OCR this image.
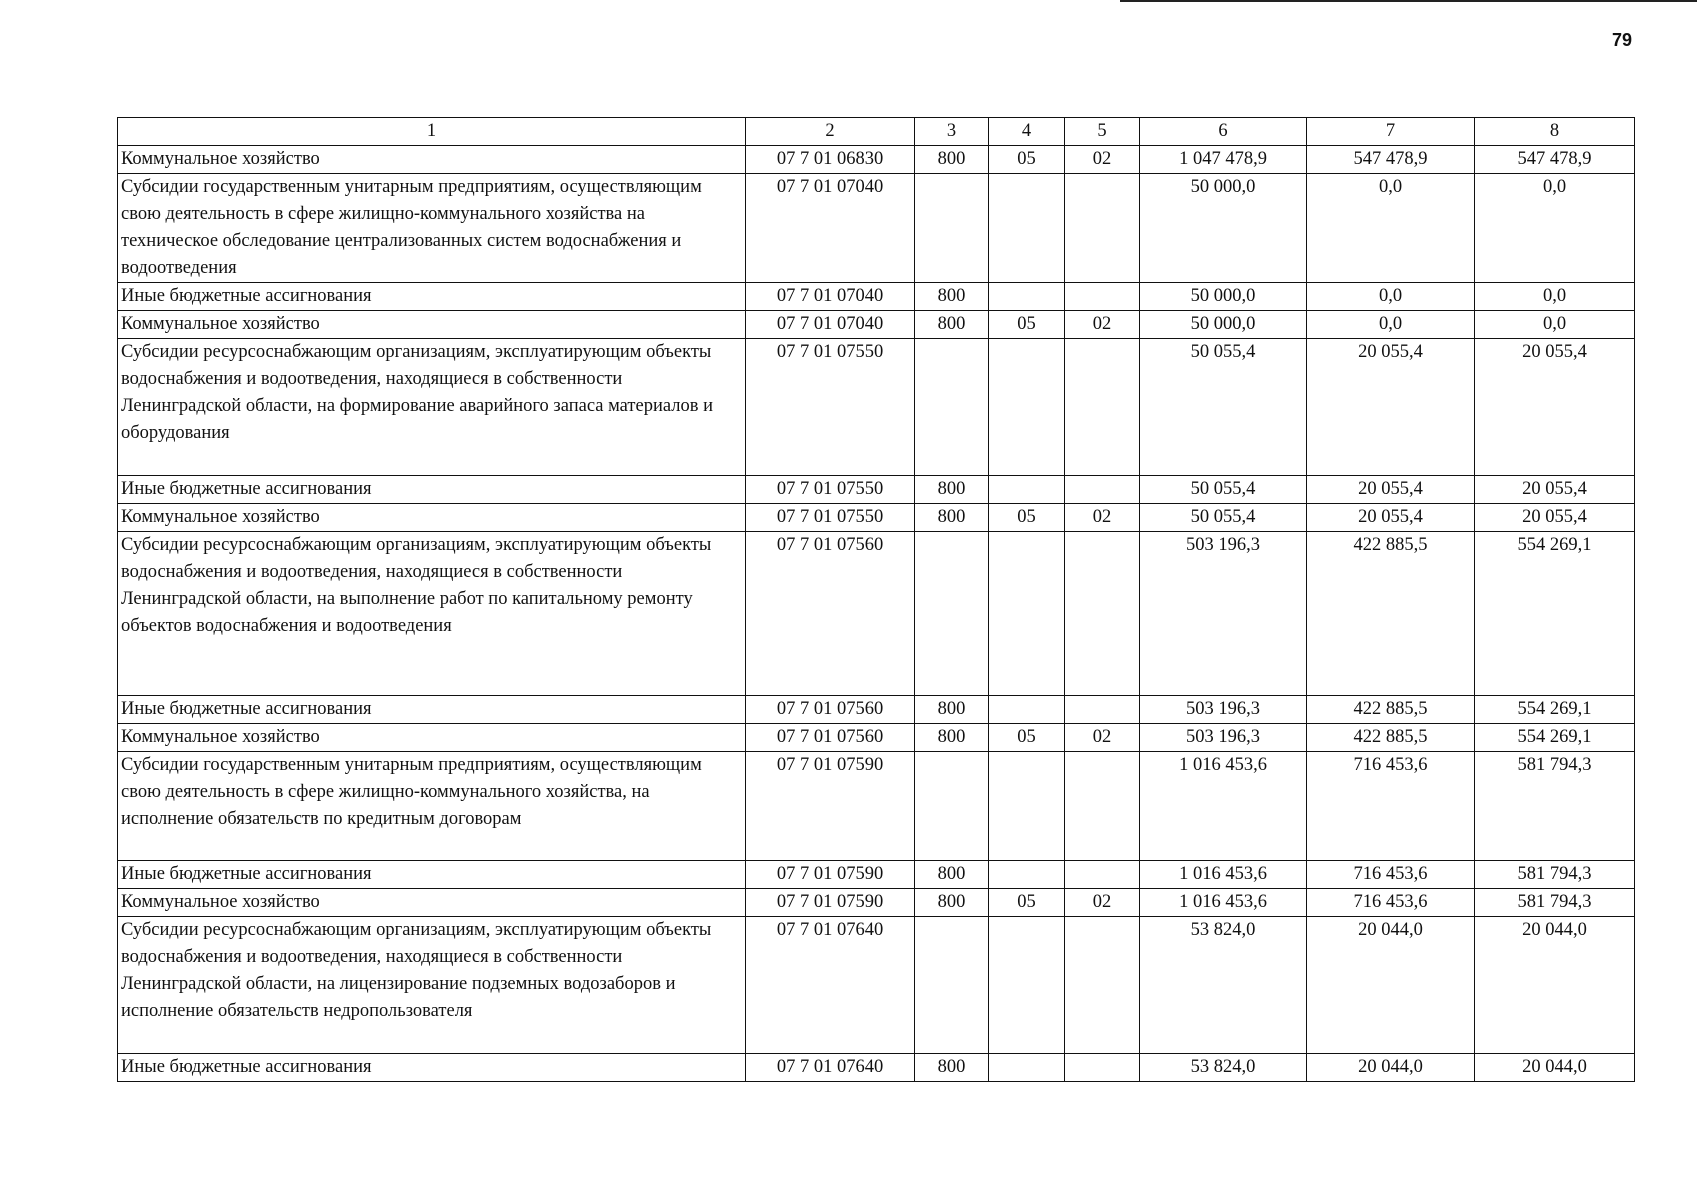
79
1	2	3	4	5	6	7	8
Коммунальное хозяйство	07 7 01 06830	800	05	02	1 047 478,9	547 478,9	547 478,9
Субсидии государственным унитарным предприятиям, осуществляющим свою деятельность в сфере жилищно-коммунального хозяйства на техническое обследование централизованных систем водоснабжения и водоотведения	07 7 01 07040				50 000,0	0,0	0,0
Иные бюджетные ассигнования	07 7 01 07040	800			50 000,0	0,0	0,0
Коммунальное хозяйство	07 7 01 07040	800	05	02	50 000,0	0,0	0,0
Субсидии ресурсоснабжающим организациям, эксплуатирующим объекты водоснабжения и водоотведения, находящиеся в собственности Ленинградской области, на формирование аварийного запаса материалов и оборудования	07 7 01 07550				50 055,4	20 055,4	20 055,4
Иные бюджетные ассигнования	07 7 01 07550	800			50 055,4	20 055,4	20 055,4
Коммунальное хозяйство	07 7 01 07550	800	05	02	50 055,4	20 055,4	20 055,4
Субсидии ресурсоснабжающим организациям, эксплуатирующим объекты водоснабжения и водоотведения, находящиеся в собственности Ленинградской области, на выполнение работ по капитальному ремонту объектов водоснабжения и водоотведения	07 7 01 07560				503 196,3	422 885,5	554 269,1
Иные бюджетные ассигнования	07 7 01 07560	800			503 196,3	422 885,5	554 269,1
Коммунальное хозяйство	07 7 01 07560	800	05	02	503 196,3	422 885,5	554 269,1
Субсидии государственным унитарным предприятиям, осуществляющим свою деятельность в сфере жилищно-коммунального хозяйства, на исполнение обязательств по кредитным договорам	07 7 01 07590				1 016 453,6	716 453,6	581 794,3
Иные бюджетные ассигнования	07 7 01 07590	800			1 016 453,6	716 453,6	581 794,3
Коммунальное хозяйство	07 7 01 07590	800	05	02	1 016 453,6	716 453,6	581 794,3
Субсидии ресурсоснабжающим организациям, эксплуатирующим объекты водоснабжения и водоотведения, находящиеся в собственности Ленинградской области, на лицензирование подземных водозаборов и исполнение обязательств недропользователя	07 7 01 07640				53 824,0	20 044,0	20 044,0
Иные бюджетные ассигнования	07 7 01 07640	800			53 824,0	20 044,0	20 044,0
